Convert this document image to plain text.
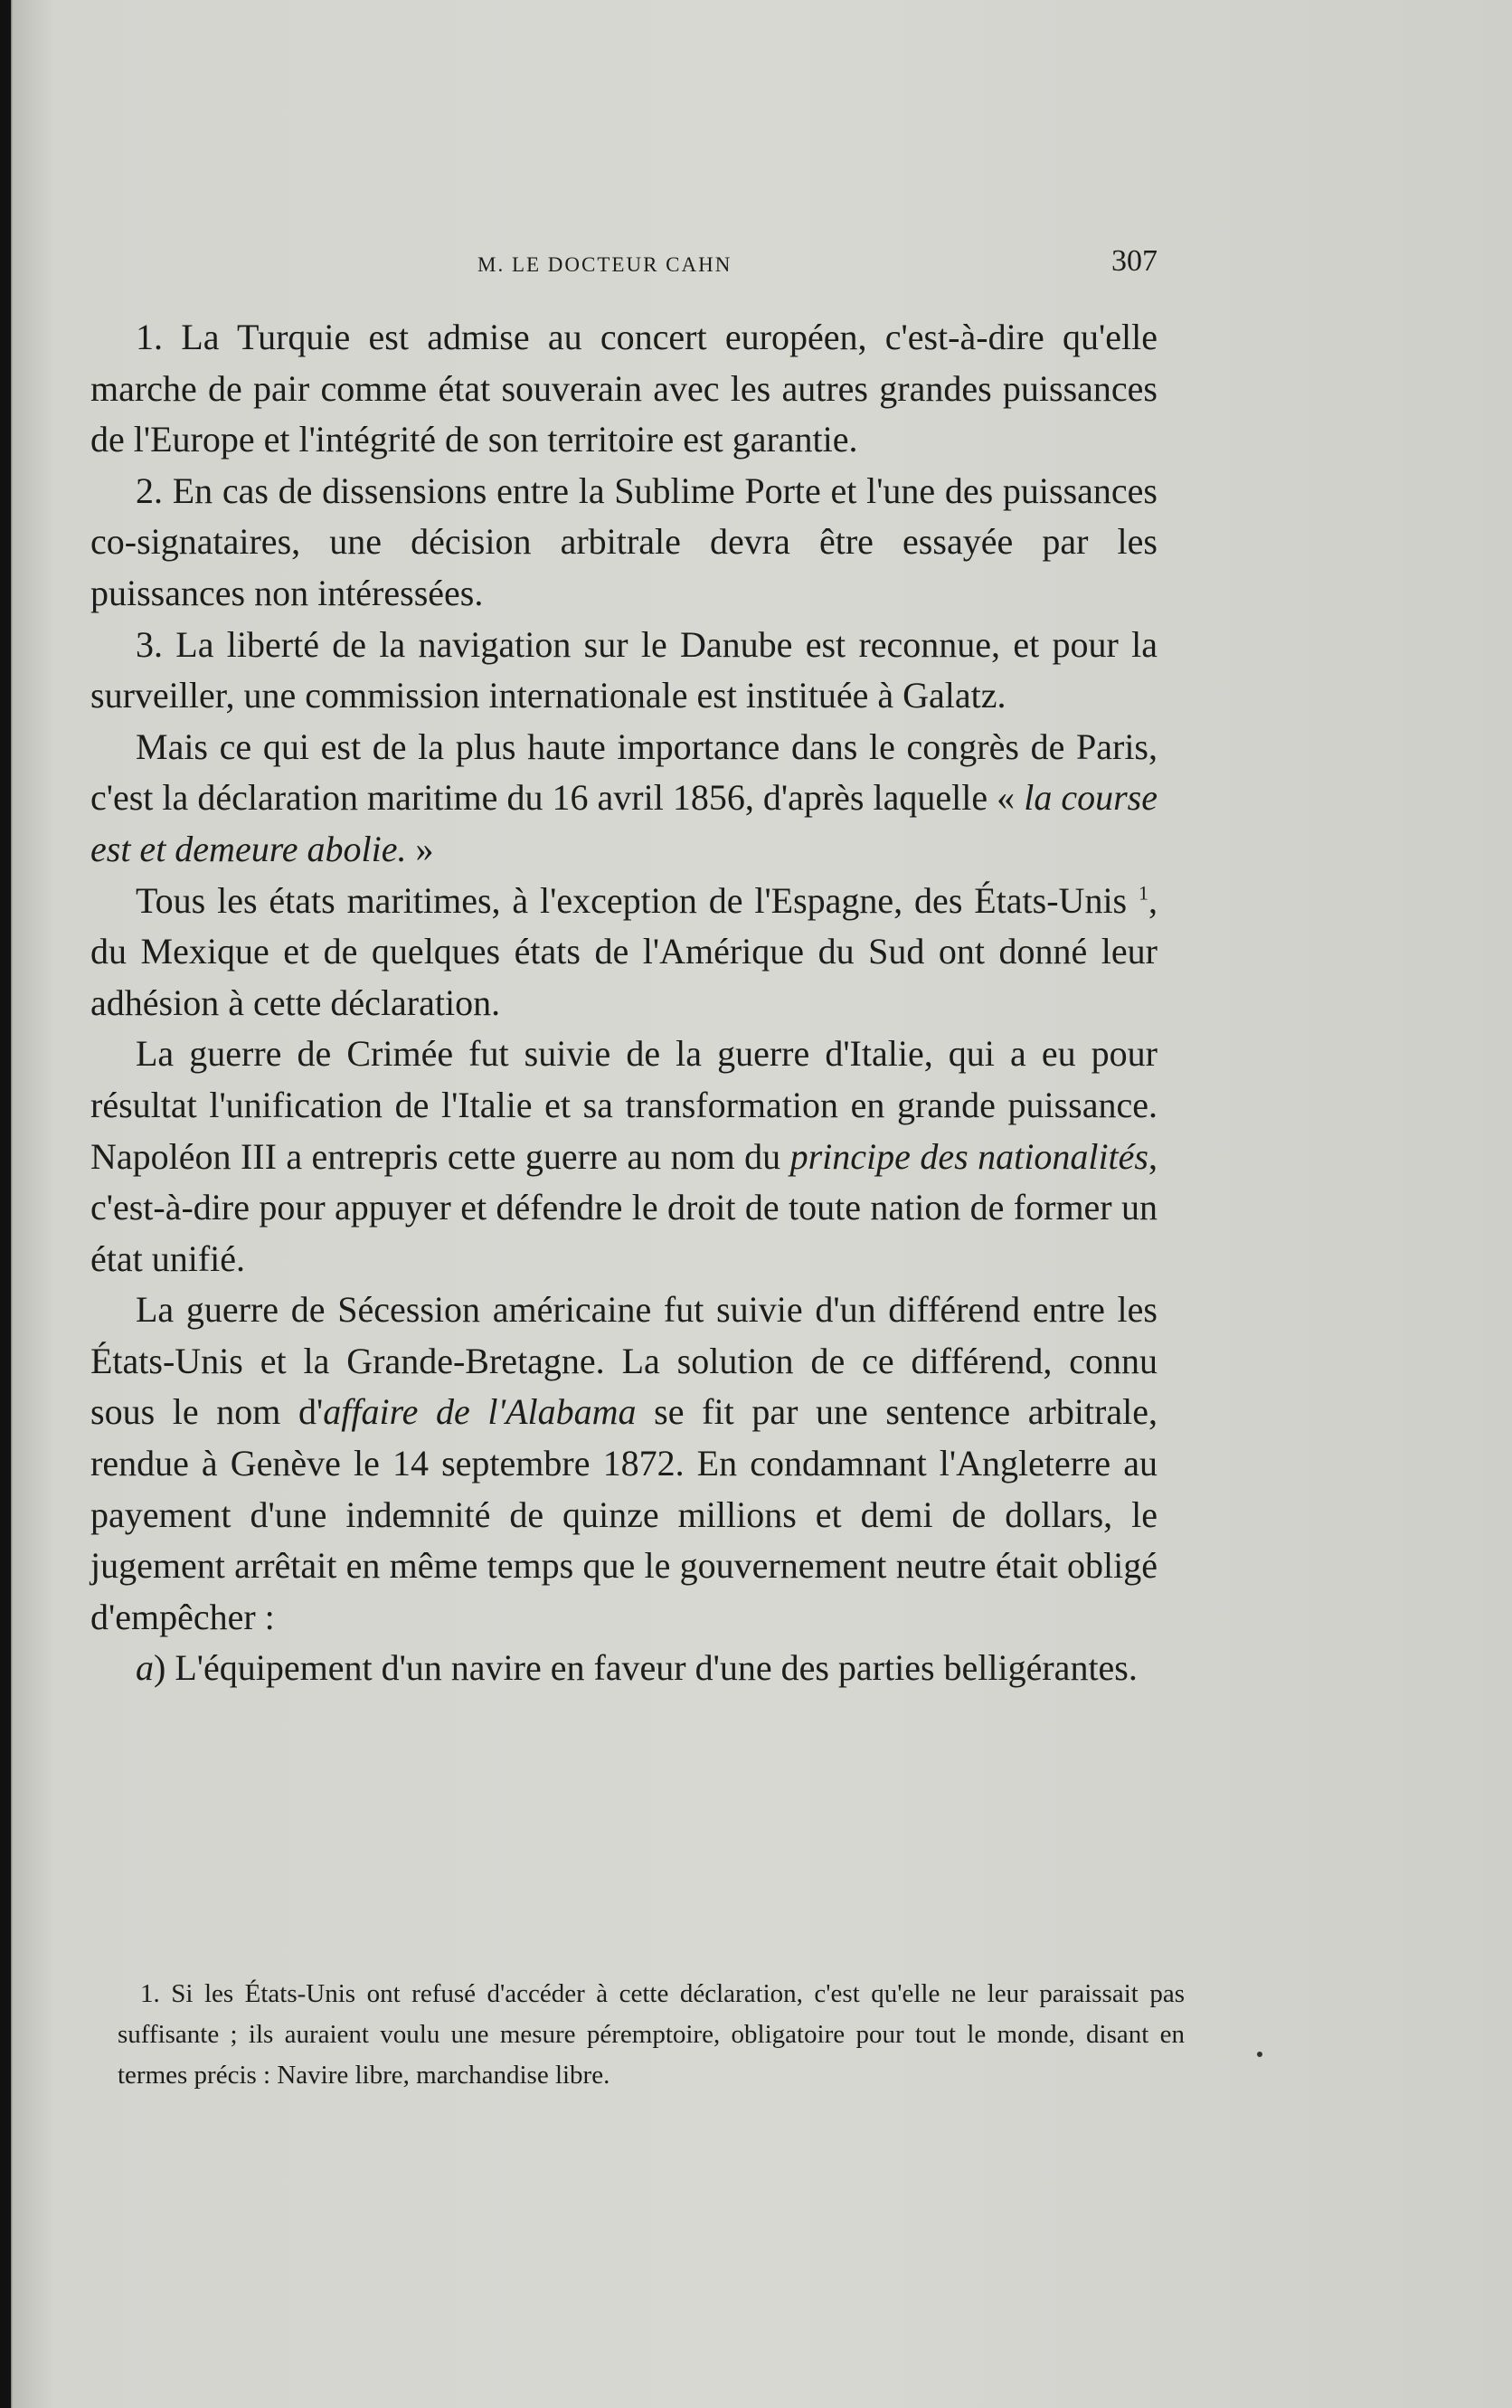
M. LE DOCTEUR CAHN	307

1. La Turquie est admise au concert européen, c'est-à-dire qu'elle marche de pair comme état souverain avec les autres grandes puissances de l'Europe et l'intégrité de son territoire est garantie.

2. En cas de dissensions entre la Sublime Porte et l'une des puissances co-signataires, une décision arbitrale devra être essayée par les puissances non intéressées.

3. La liberté de la navigation sur le Danube est reconnue, et pour la surveiller, une commission internationale est instituée à Galatz.

Mais ce qui est de la plus haute importance dans le congrès de Paris, c'est la déclaration maritime du 16 avril 1856, d'après laquelle « la course est et demeure abolie. »

Tous les états maritimes, à l'exception de l'Espagne, des États-Unis $^1$, du Mexique et de quelques états de l'Amérique du Sud ont donné leur adhésion à cette déclaration.

La guerre de Crimée fut suivie de la guerre d'Italie, qui a eu pour résultat l'unification de l'Italie et sa transformation en grande puissance. Napoléon III a entrepris cette guerre au nom du principe des nationalités, c'est-à-dire pour appuyer et défendre le droit de toute nation de former un état unifié.

La guerre de Sécession américaine fut suivie d'un différend entre les États-Unis et la Grande-Bretagne. La solution de ce différend, connu sous le nom d'affaire de l'Alabama se fit par une sentence arbitrale, rendue à Genève le 14 septembre 1872. En condamnant l'Angleterre au payement d'une indemnité de quinze millions et demi de dollars, le jugement arrêtait en même temps que le gouvernement neutre était obligé d'empêcher :

a) L'équipement d'un navire en faveur d'une des parties belligérantes.

1. Si les États-Unis ont refusé d'accéder à cette déclaration, c'est qu'elle ne leur paraissait pas suffisante ; ils auraient voulu une mesure péremptoire, obligatoire pour tout le monde, disant en termes précis : Navire libre, marchandise libre.
